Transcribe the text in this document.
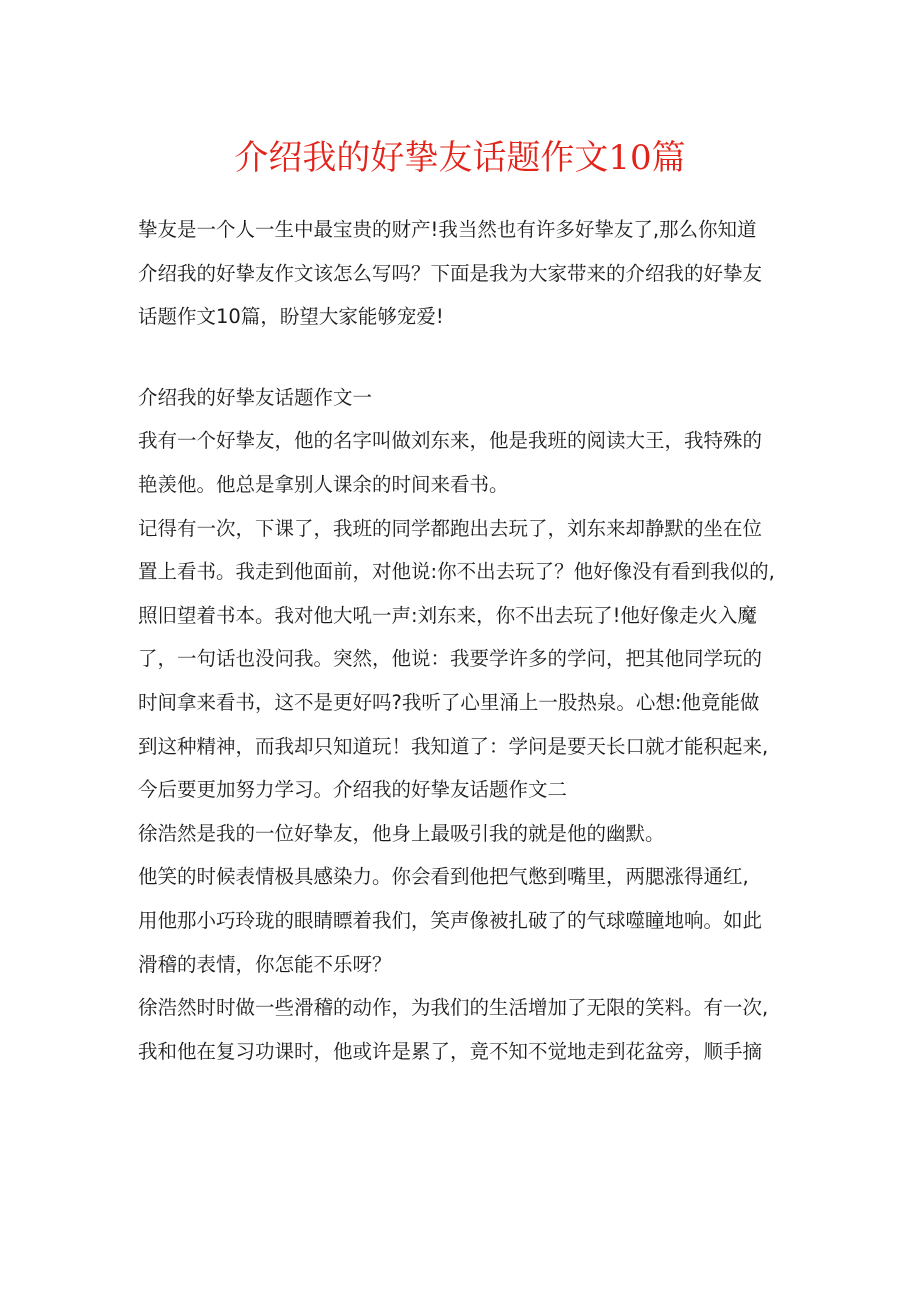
介绍我的好挚友话题作文10篇

挚友是一个人一生中最宝贵的财产!我当然也有许多好挚友了,那么你知道
介绍我的好挚友作文该怎么写吗？下面是我为大家带来的介绍我的好挚友
话题作文10篇，盼望大家能够宠爱!

介绍我的好挚友话题作文一

我有一个好挚友，他的名字叫做刘东来，他是我班的阅读大王，我特殊的
艳羡他。他总是拿别人课余的时间来看书。

记得有一次，下课了，我班的同学都跑出去玩了，刘东来却静默的坐在位
置上看书。我走到他面前，对他说:你不出去玩了？他好像没有看到我似的,
照旧望着书本。我对他大吼一声:刘东来，你不出去玩了!他好像走火入魔
了，一句话也没问我。突然，他说：我要学许多的学问，把其他同学玩的
时间拿来看书，这不是更好吗?我听了心里涌上一股热泉。心想:他竟能做
到这种精神，而我却只知道玩！我知道了：学问是要天长口就才能积起来,
今后要更加努力学习。介绍我的好挚友话题作文二

徐浩然是我的一位好挚友，他身上最吸引我的就是他的幽默。

他笑的时候表情极具感染力。你会看到他把气憋到嘴里，两腮涨得通红,
用他那小巧玲珑的眼睛瞟着我们，笑声像被扎破了的气球噬瞳地响。如此
滑稽的表情，你怎能不乐呀？

徐浩然时时做一些滑稽的动作，为我们的生活增加了无限的笑料。有一次,
我和他在复习功课时，他或许是累了，竟不知不觉地走到花盆旁，顺手摘
